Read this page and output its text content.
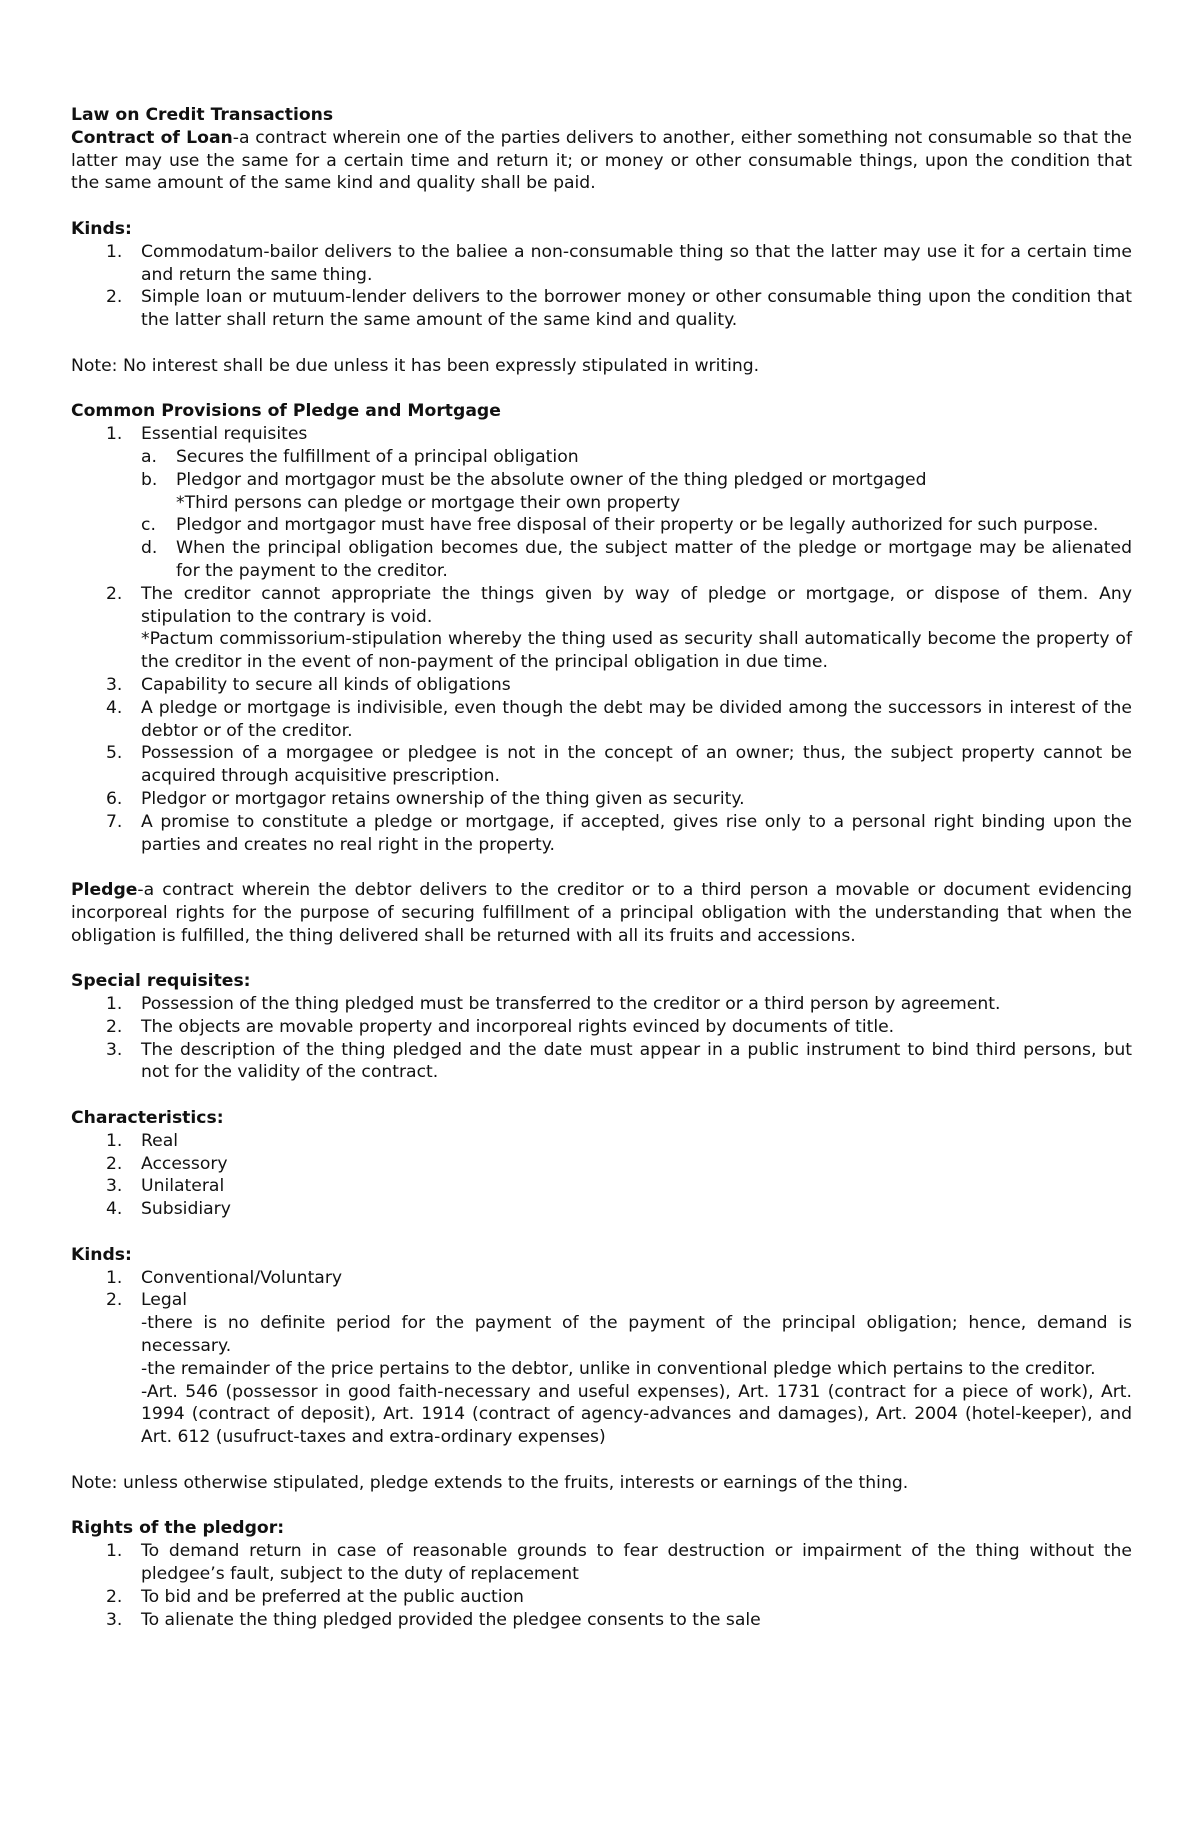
Law on Credit Transactions
Contract of Loan-a contract wherein one of the parties delivers to another, either something not consumable so that the latter may use the same for a certain time and return it; or money or other consumable things, upon the condition that the same amount of the same kind and quality shall be paid.
Kinds:
1. Commodatum-bailor delivers to the baliee a non-consumable thing so that the latter may use it for a certain time and return the same thing.
2. Simple loan or mutuum-lender delivers to the borrower money or other consumable thing upon the condition that the latter shall return the same amount of the same kind and quality.
Note: No interest shall be due unless it has been expressly stipulated in writing.
Common Provisions of Pledge and Mortgage
1. Essential requisites
a. Secures the fulfillment of a principal obligation
b. Pledgor and mortgagor must be the absolute owner of the thing pledged or mortgaged
*Third persons can pledge or mortgage their own property
c. Pledgor and mortgagor must have free disposal of their property or be legally authorized for such purpose.
d. When the principal obligation becomes due, the subject matter of the pledge or mortgage may be alienated for the payment to the creditor.
2. The creditor cannot appropriate the things given by way of pledge or mortgage, or dispose of them. Any stipulation to the contrary is void.
*Pactum commissorium-stipulation whereby the thing used as security shall automatically become the property of the creditor in the event of non-payment of the principal obligation in due time.
3. Capability to secure all kinds of obligations
4. A pledge or mortgage is indivisible, even though the debt may be divided among the successors in interest of the debtor or of the creditor.
5. Possession of a morgagee or pledgee is not in the concept of an owner; thus, the subject property cannot be acquired through acquisitive prescription.
6. Pledgor or mortgagor retains ownership of the thing given as security.
7. A promise to constitute a pledge or mortgage, if accepted, gives rise only to a personal right binding upon the parties and creates no real right in the property.
Pledge-a contract wherein the debtor delivers to the creditor or to a third person a movable or document evidencing incorporeal rights for the purpose of securing fulfillment of a principal obligation with the understanding that when the obligation is fulfilled, the thing delivered shall be returned with all its fruits and accessions.
Special requisites:
1. Possession of the thing pledged must be transferred to the creditor or a third person by agreement.
2. The objects are movable property and incorporeal rights evinced by documents of title.
3. The description of the thing pledged and the date must appear in a public instrument to bind third persons, but not for the validity of the contract.
Characteristics:
1. Real
2. Accessory
3. Unilateral
4. Subsidiary
Kinds:
1. Conventional/Voluntary
2. Legal
-there is no definite period for the payment of the payment of the principal obligation; hence, demand is necessary.
-the remainder of the price pertains to the debtor, unlike in conventional pledge which pertains to the creditor.
-Art. 546 (possessor in good faith-necessary and useful expenses), Art. 1731 (contract for a piece of work), Art. 1994 (contract of deposit), Art. 1914 (contract of agency-advances and damages), Art. 2004 (hotel-keeper), and Art. 612 (usufruct-taxes and extra-ordinary expenses)
Note: unless otherwise stipulated, pledge extends to the fruits, interests or earnings of the thing.
Rights of the pledgor:
1. To demand return in case of reasonable grounds to fear destruction or impairment of the thing without the pledgee’s fault, subject to the duty of replacement
2. To bid and be preferred at the public auction
3. To alienate the thing pledged provided the pledgee consents to the sale
